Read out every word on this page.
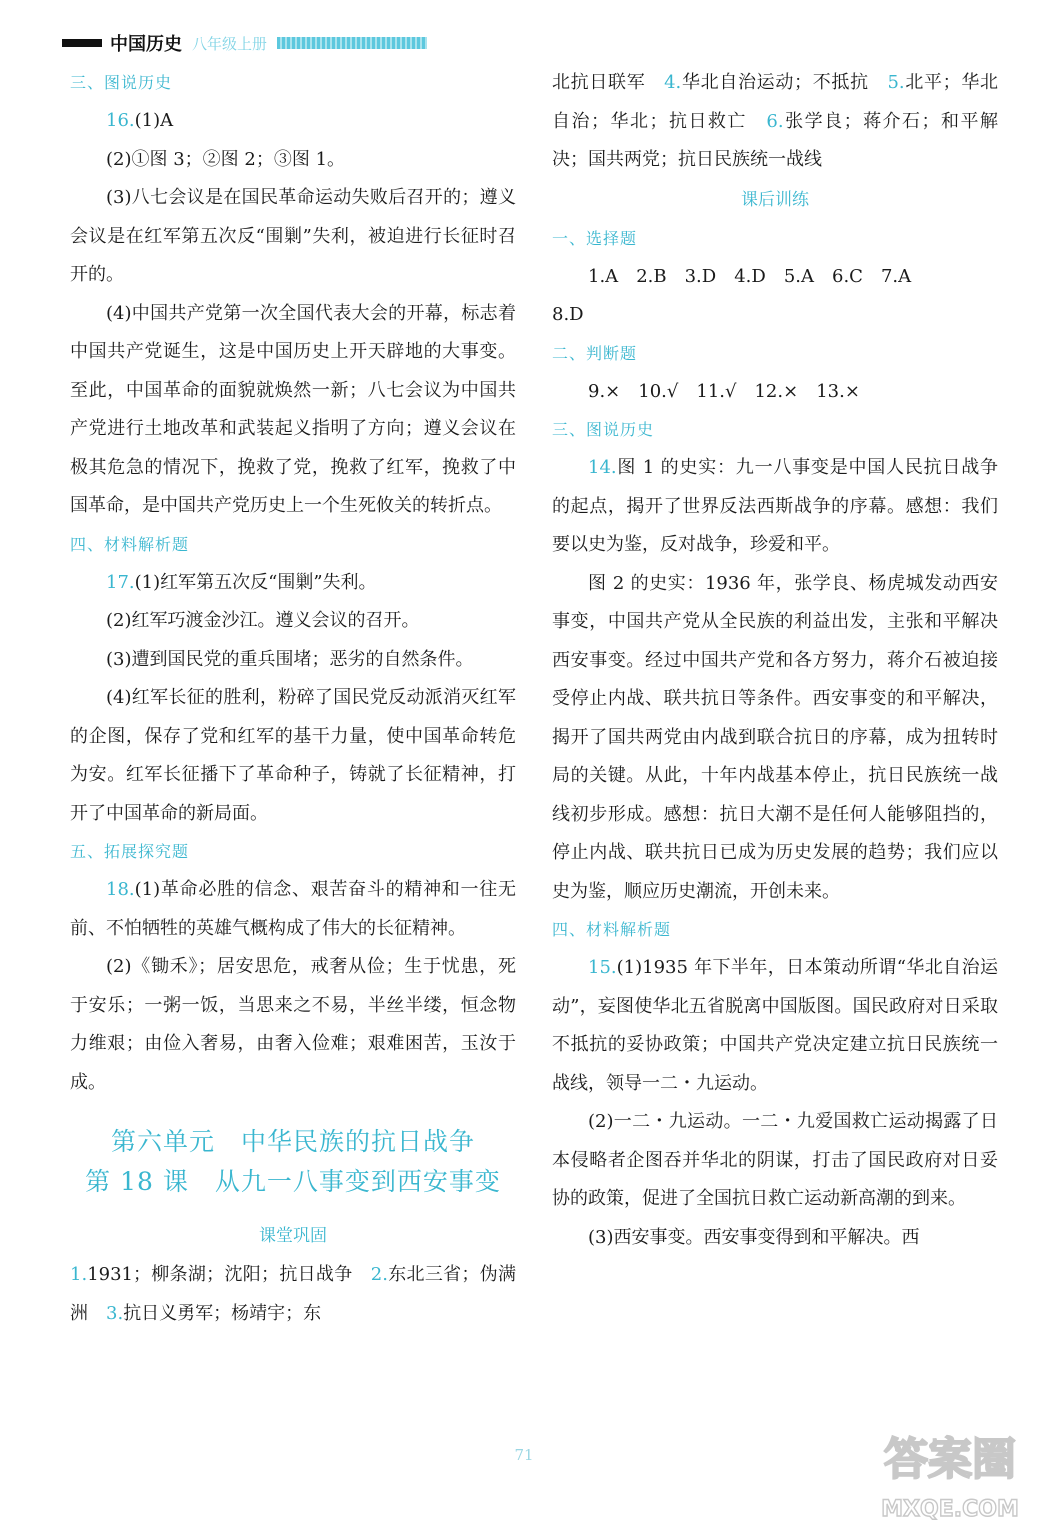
中国历史 八年级上册
三、图说历史
16.(1)A
(2)①图 3；②图 2；③图 1。
(3)八七会议是在国民革命运动失败后召开的；遵义会议是在红军第五次反“围剿”失利，被迫进行长征时召开的。
(4)中国共产党第一次全国代表大会的开幕，标志着中国共产党诞生，这是中国历史上开天辟地的大事变。至此，中国革命的面貌就焕然一新；八七会议为中国共产党进行土地改革和武装起义指明了方向；遵义会议在极其危急的情况下，挽救了党，挽救了红军，挽救了中国革命，是中国共产党历史上一个生死攸关的转折点。
四、材料解析题
17.(1)红军第五次反“围剿”失利。
(2)红军巧渡金沙江。遵义会议的召开。
(3)遭到国民党的重兵围堵；恶劣的自然条件。
(4)红军长征的胜利，粉碎了国民党反动派消灭红军的企图，保存了党和红军的基干力量，使中国革命转危为安。红军长征播下了革命种子，铸就了长征精神，打开了中国革命的新局面。
五、拓展探究题
18.(1)革命必胜的信念、艰苦奋斗的精神和一往无前、不怕牺牲的英雄气概构成了伟大的长征精神。
(2)《锄禾》；居安思危，戒奢从俭；生于忧患，死于安乐；一粥一饭，当思来之不易，半丝半缕，恒念物力维艰；由俭入奢易，由奢入俭难；艰难困苦，玉汝于成。
第六单元　中华民族的抗日战争
第 18 课　从九一八事变到西安事变
课堂巩固
1.1931；柳条湖；沈阳；抗日战争　 2.东北三省；伪满洲　 3.抗日义勇军；杨靖宇；东
北抗日联军　 4.华北自治运动；不抵抗　 5.北平；华北自治；华北；抗日救亡　 6.张学良；蒋介石；和平解决；国共两党；抗日民族统一战线
课后训练
一、选择题
1.A 2.B 3.D 4.D 5.A 6.C 7.A
8.D
二、判断题
9.× 10.√ 11.√ 12.× 13.×
三、图说历史
14.图 1 的史实：九一八事变是中国人民抗日战争的起点，揭开了世界反法西斯战争的序幕。感想：我们要以史为鉴，反对战争，珍爱和平。
图 2 的史实：1936 年，张学良、杨虎城发动西安事变，中国共产党从全民族的利益出发，主张和平解决西安事变。经过中国共产党和各方努力，蒋介石被迫接受停止内战、联共抗日等条件。西安事变的和平解决，揭开了国共两党由内战到联合抗日的序幕，成为扭转时局的关键。从此，十年内战基本停止，抗日民族统一战线初步形成。感想：抗日大潮不是任何人能够阻挡的，停止内战、联共抗日已成为历史发展的趋势；我们应以史为鉴，顺应历史潮流，开创未来。
四、材料解析题
15.(1)1935 年下半年，日本策动所谓“华北自治运动”，妄图使华北五省脱离中国版图。国民政府对日采取不抵抗的妥协政策；中国共产党决定建立抗日民族统一战线，领导一二・九运动。
(2)一二・九运动。一二・九爱国救亡运动揭露了日本侵略者企图吞并华北的阴谋，打击了国民政府对日妥协的政策，促进了全国抗日救亡运动新高潮的到来。
(3)西安事变。西安事变得到和平解决。西
71	答案圈
MXQE.COM
